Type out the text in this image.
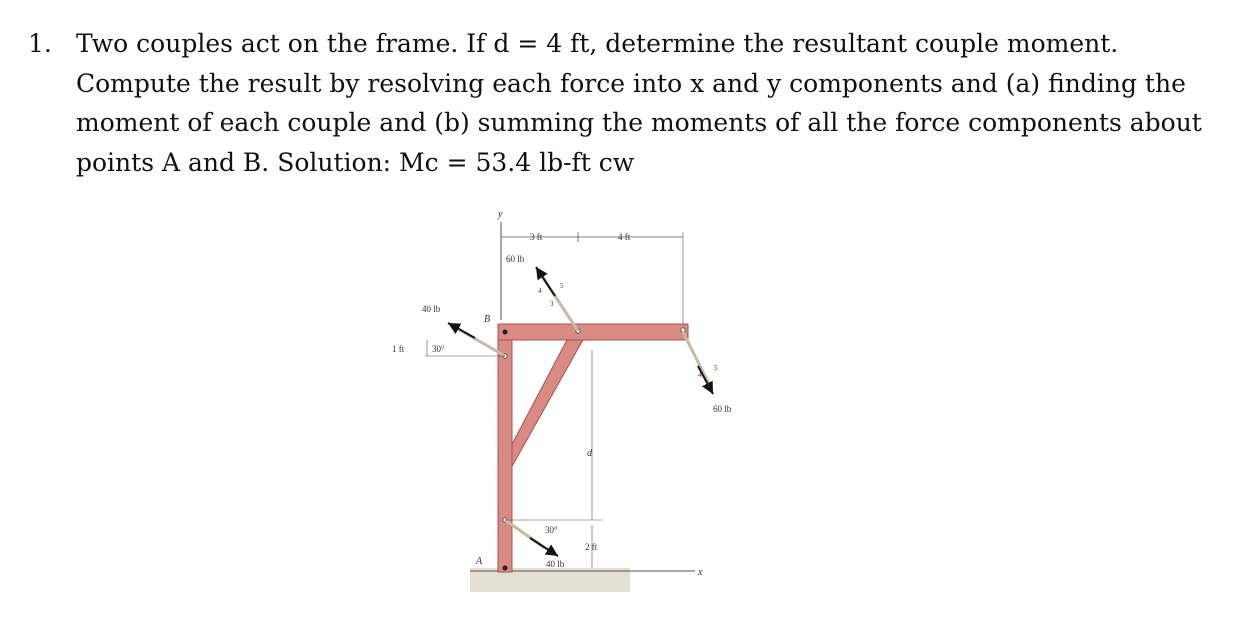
1. Two couples act on the frame. If d = 4 ft, determine the resultant couple moment.
Compute the result by resolving each force into x and y components and (a) finding the
moment of each couple and (b) summing the moments of all the force components about
points A and B. Solution: Mc = 53.4 lb-ft cw
x
y
3 ft	4 ft
60 lb
4
5
3
60 lb
4
5
3
40 lb
B
1 ft	30°
d
30°
40 lb
2 ft
A
